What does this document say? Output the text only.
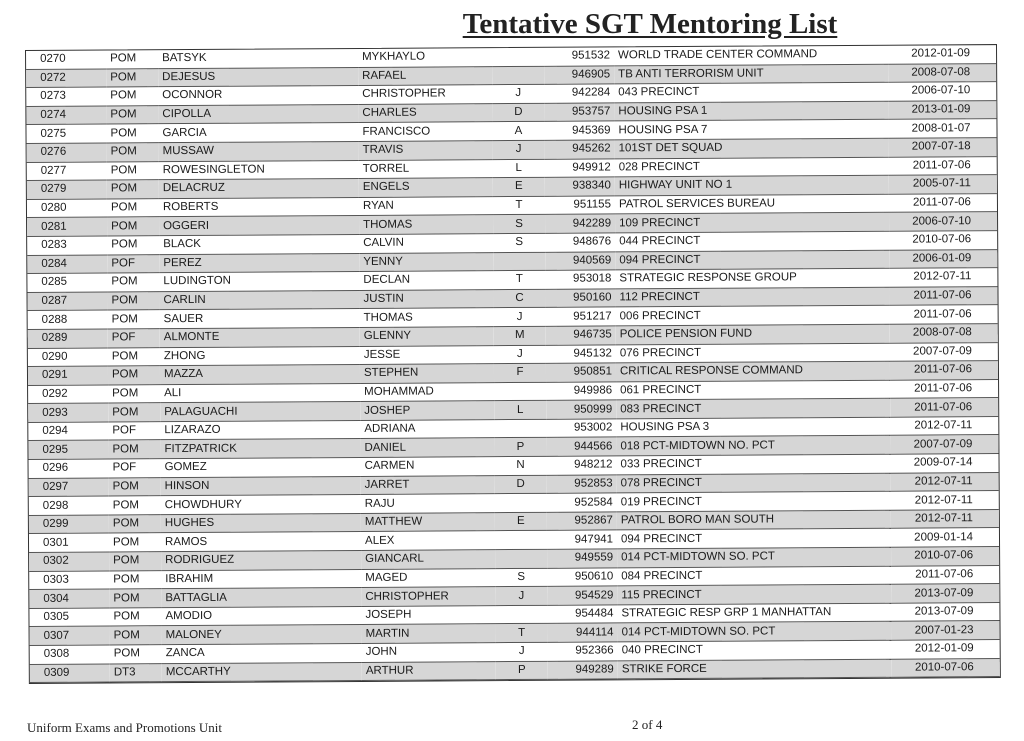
Tentative SGT Mentoring List
0270	POM	BATSYK	MYKHAYLO		951532	WORLD TRADE CENTER COMMAND	2012-01-09
0272	POM	DEJESUS	RAFAEL		946905	TB ANTI TERRORISM UNIT	2008-07-08
0273	POM	OCONNOR	CHRISTOPHER	J	942284	043 PRECINCT	2006-07-10
0274	POM	CIPOLLA	CHARLES	D	953757	HOUSING PSA 1	2013-01-09
0275	POM	GARCIA	FRANCISCO	A	945369	HOUSING PSA 7	2008-01-07
0276	POM	MUSSAW	TRAVIS	J	945262	101ST DET SQUAD	2007-07-18
0277	POM	ROWESINGLETON	TORREL	L	949912	028 PRECINCT	2011-07-06
0279	POM	DELACRUZ	ENGELS	E	938340	HIGHWAY UNIT NO 1	2005-07-11
0280	POM	ROBERTS	RYAN	T	951155	PATROL SERVICES BUREAU	2011-07-06
0281	POM	OGGERI	THOMAS	S	942289	109 PRECINCT	2006-07-10
0283	POM	BLACK	CALVIN	S	948676	044 PRECINCT	2010-07-06
0284	POF	PEREZ	YENNY		940569	094 PRECINCT	2006-01-09
0285	POM	LUDINGTON	DECLAN	T	953018	STRATEGIC RESPONSE GROUP	2012-07-11
0287	POM	CARLIN	JUSTIN	C	950160	112 PRECINCT	2011-07-06
0288	POM	SAUER	THOMAS	J	951217	006 PRECINCT	2011-07-06
0289	POF	ALMONTE	GLENNY	M	946735	POLICE PENSION FUND	2008-07-08
0290	POM	ZHONG	JESSE	J	945132	076 PRECINCT	2007-07-09
0291	POM	MAZZA	STEPHEN	F	950851	CRITICAL RESPONSE COMMAND	2011-07-06
0292	POM	ALI	MOHAMMAD		949986	061 PRECINCT	2011-07-06
0293	POM	PALAGUACHI	JOSHEP	L	950999	083 PRECINCT	2011-07-06
0294	POF	LIZARAZO	ADRIANA		953002	HOUSING PSA 3	2012-07-11
0295	POM	FITZPATRICK	DANIEL	P	944566	018 PCT-MIDTOWN NO. PCT	2007-07-09
0296	POF	GOMEZ	CARMEN	N	948212	033 PRECINCT	2009-07-14
0297	POM	HINSON	JARRET	D	952853	078 PRECINCT	2012-07-11
0298	POM	CHOWDHURY	RAJU		952584	019 PRECINCT	2012-07-11
0299	POM	HUGHES	MATTHEW	E	952867	PATROL BORO MAN SOUTH	2012-07-11
0301	POM	RAMOS	ALEX		947941	094 PRECINCT	2009-01-14
0302	POM	RODRIGUEZ	GIANCARL		949559	014 PCT-MIDTOWN SO. PCT	2010-07-06
0303	POM	IBRAHIM	MAGED	S	950610	084 PRECINCT	2011-07-06
0304	POM	BATTAGLIA	CHRISTOPHER	J	954529	115 PRECINCT	2013-07-09
0305	POM	AMODIO	JOSEPH		954484	STRATEGIC RESP GRP 1 MANHATTAN	2013-07-09
0307	POM	MALONEY	MARTIN	T	944114	014 PCT-MIDTOWN SO. PCT	2007-01-23
0308	POM	ZANCA	JOHN	J	952366	040 PRECINCT	2012-01-09
0309	DT3	MCCARTHY	ARTHUR	P	949289	STRIKE FORCE	2010-07-06
Uniform Exams and Promotions Unit	2 of 4
